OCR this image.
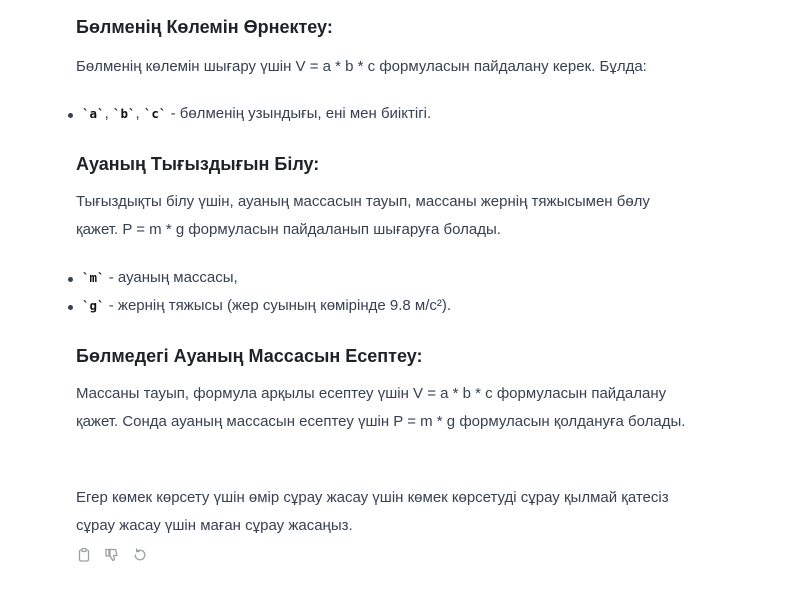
Бөлменің Көлемін Өрнектеу:

Бөлменің көлемін шығару үшін V = a * b * c формуласын пайдалану керек. Бұлда:

`a`, `b`, `c` - бөлменің узындығы, ені мен биіктігі.
Ауаның Тығыздығын Білу:

Тығыздықты білу үшін, ауаның массасын тауып, массаны жернің тяжысымен бөлу қажет. P = m * g формуласын пайдаланып шығаруға болады.

`m` - ауаның массасы,
`g` - жернің тяжысы (жер суының көмірінде 9.8 м/с²).
Бөлмедегі Ауаның Массасын Есептеу:

Массаны тауып, формула арқылы есептеу үшін V = a * b * c формуласын пайдалану қажет. Сонда ауаның массасын есептеу үшін P = m * g формуласын қолдануға болады.

Егер көмек көрсету үшін өмір сұрау жасау үшін көмек көрсетуді сұрау қылмай қатесіз сұрау жасау үшін маған сұрау жасаңыз.
